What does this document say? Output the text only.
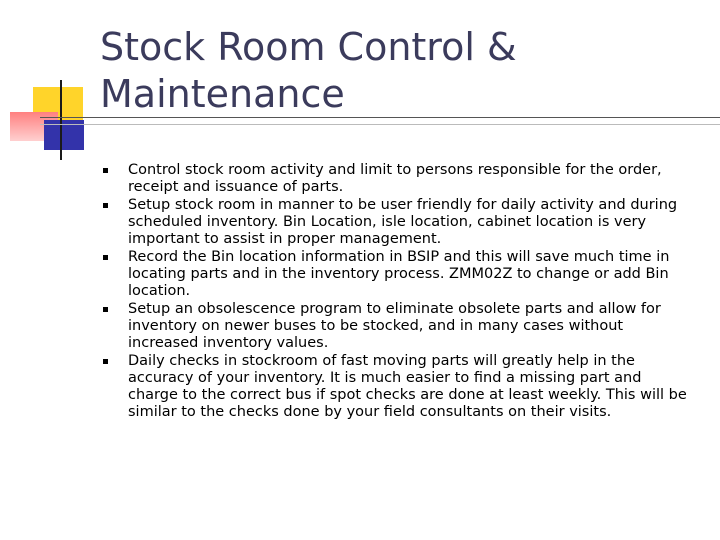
Stock Room Control &
Maintenance
Control stock room activity and limit to persons responsible for the order, receipt and issuance of parts.
Setup stock room in manner to be user friendly for daily activity and during scheduled inventory. Bin Location, isle location, cabinet location is very important to assist in proper management.
Record the Bin location information in BSIP and this will save much time in locating parts and in the inventory process. ZMM02Z to change or add Bin location.
Setup an obsolescence program to eliminate obsolete parts and allow for inventory on newer buses to be stocked, and in many cases without increased inventory values.
Daily checks in stockroom of fast moving parts will greatly help in the accuracy of your inventory. It is much easier to find a missing part and charge to the correct bus if spot checks are done at least weekly. This will be similar to the checks done by your field consultants on their visits.
